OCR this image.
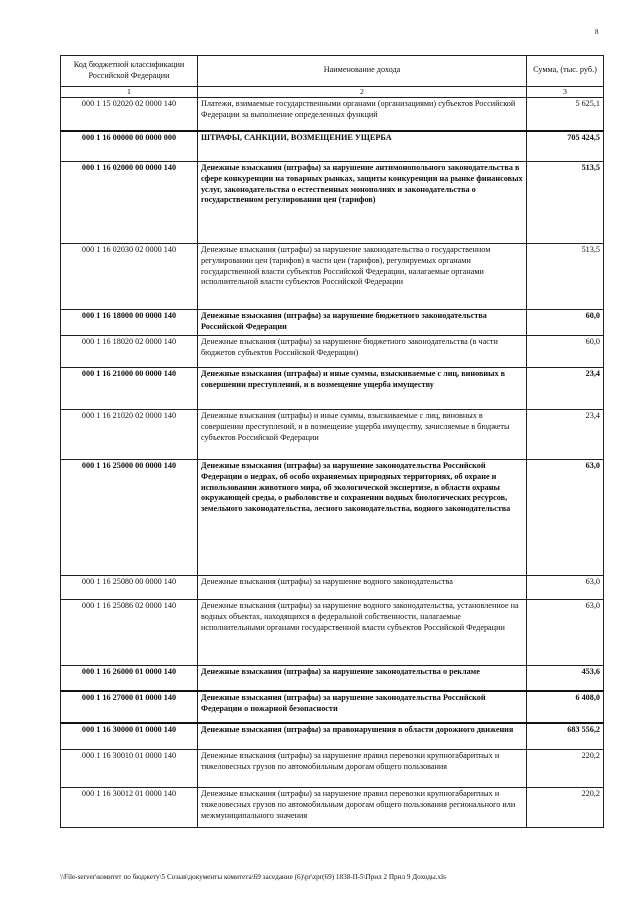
8
Код бюджетной классификации Российской Федерации	Наименование дохода	Сумма, (тыс. руб.)
1	2	3
000 1 15 02020 02 0000 140	Платежи, взимаемые государственными органами (организациями) субъектов Российской Федерации за выполнение определенных функций	5 625,1
000 1 16 00000 00 0000 000	ШТРАФЫ, САНКЦИИ, ВОЗМЕЩЕНИЕ УЩЕРБА	705 424,5
000 1 16 02000 00 0000 140	Денежные взыскания (штрафы) за нарушение антимонопольного законодательства в сфере конкуренции на товарных рынках, защиты конкуренции на рынке финансовых услуг, законодательства о естественных монополиях и законодательства о государственном регулировании цен (тарифов)	513,5
000 1 16 02030 02 0000 140	Денежные взыскания (штрафы) за нарушение законодательства о государственном регулировании цен (тарифов) в части цен (тарифов), регулируемых органами государственной власти субъектов Российской Федерации, налагаемые органами исполнительной власти субъектов Российской Федерации	513,5
000 1 16 18000 00 0000 140	Денежные взыскания (штрафы) за нарушение бюджетного законодательства Российской Федерации	60,0
000 1 16 18020 02 0000 140	Денежные взыскания (штрафы) за нарушение бюджетного законодательства (в части бюджетов субъектов Российской Федерации)	60,0
000 1 16 21000 00 0000 140	Денежные взыскания (штрафы) и иные суммы, взыскиваемые с лиц, виновных в совершении преступлений, и в возмещение ущерба имуществу	23,4
000 1 16 21020 02 0000 140	Денежные взыскания (штрафы) и иные суммы, взыскиваемые с лиц, виновных в совершении преступлений, и в возмещение ущерба имуществу, зачисляемые в бюджеты субъектов Российской Федерации	23,4
000 1 16 25000 00 0000 140	Денежные взыскания (штрафы) за нарушение законодательства Российской Федерации о недрах, об особо охраняемых природных территориях, об охране и использовании животного мира, об экологической экспертизе, в области охраны окружающей среды, о рыболовстве и сохранении водных биологических ресурсов, земельного законодательства, лесного законодательства, водного законодательства	63,0
000 1 16 25080 00 0000 140	Денежные взыскания (штрафы) за нарушение водного законодательства	63,0
000 1 16 25086 02 0000 140	Денежные взыскания (штрафы) за нарушение водного законодательства, установленное на водных объектах, находящихся в федеральной собственности, налагаемые исполнительными органами государственной власти субъектов Российской Федерации	63,0
000 1 16 26000 01 0000 140	Денежные взыскания (штрафы) за нарушение законодательства о рекламе	453,6
000 1 16 27000 01 0000 140	Денежные взыскания (штрафы) за нарушение законодательства Российской Федерации о пожарной безопасности	6 408,0
000 1 16 30000 01 0000 140	Денежные взыскания (штрафы) за правонарушения в области дорожного движения	683 556,2
000 1 16 30010 01 0000 140	Денежные взыскания (штрафы) за нарушение правил перевозки крупногабаритных и тяжеловесных грузов по автомобильным дорогам общего пользования	220,2
000 1 16 30012 01 0000 140	Денежные взыскания (штрафы) за нарушение правил перевозки крупногабаритных и тяжеловесных грузов по автомобильным дорогам общего пользования регионального или межмуниципального значения	220,2
\\File-server\комитет по бюджету\5 Созыв\документы комитета\69 заседание (6)\pr\zpr(69) 1838-II-5\Прил 2 Прил 9 Доходы.xls
